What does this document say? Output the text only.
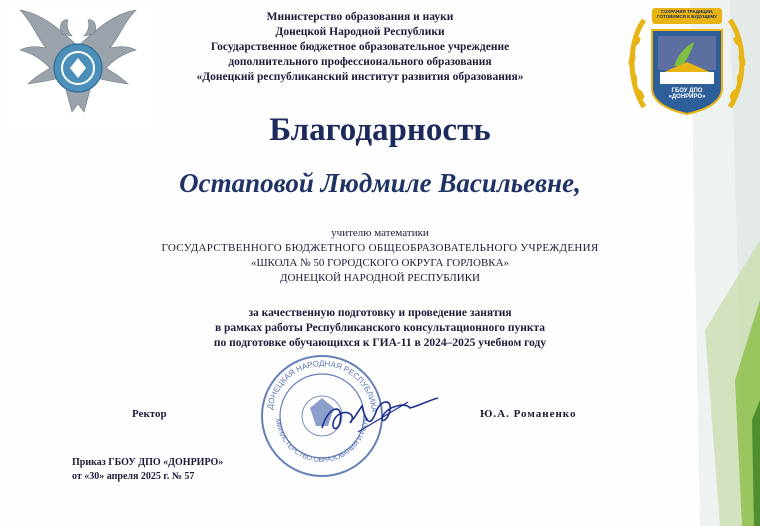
Министерство образования и науки
Донецкой Народной Республики
Государственное бюджетное образовательное учреждение
дополнительного профессионального образования
«Донецкий республиканский институт развития образования»
СОХРАНЯЯ ТРАДИЦИИ, ГОТОВИМСЯ К БУДУЩЕМУ
ГБОУ ДПО «ДОНРИРО»
Благодарность
Остаповой Людмиле Васильевне,
учителю математики
ГОСУДАРСТВЕННОГО БЮДЖЕТНОГО ОБЩЕОБРАЗОВАТЕЛЬНОГО УЧРЕЖДЕНИЯ
«ШКОЛА № 50 ГОРОДСКОГО ОКРУГА ГОРЛОВКА»
ДОНЕЦКОЙ НАРОДНОЙ РЕСПУБЛИКИ
за качественную подготовку и проведение занятия
в рамках работы Республиканского консультационного пункта
по подготовке обучающихся к ГИА-11 в 2024–2025 учебном году
ДОНЕЦКАЯ НАРОДНАЯ РЕСПУБЛИКА
МИНИСТЕРСТВО ОБРАЗОВАНИЯ И НАУК
Ректор	Ю.А. Романенко
Приказ ГБОУ ДПО «ДОНРИРО»
от «30» апреля 2025 г. № 57
